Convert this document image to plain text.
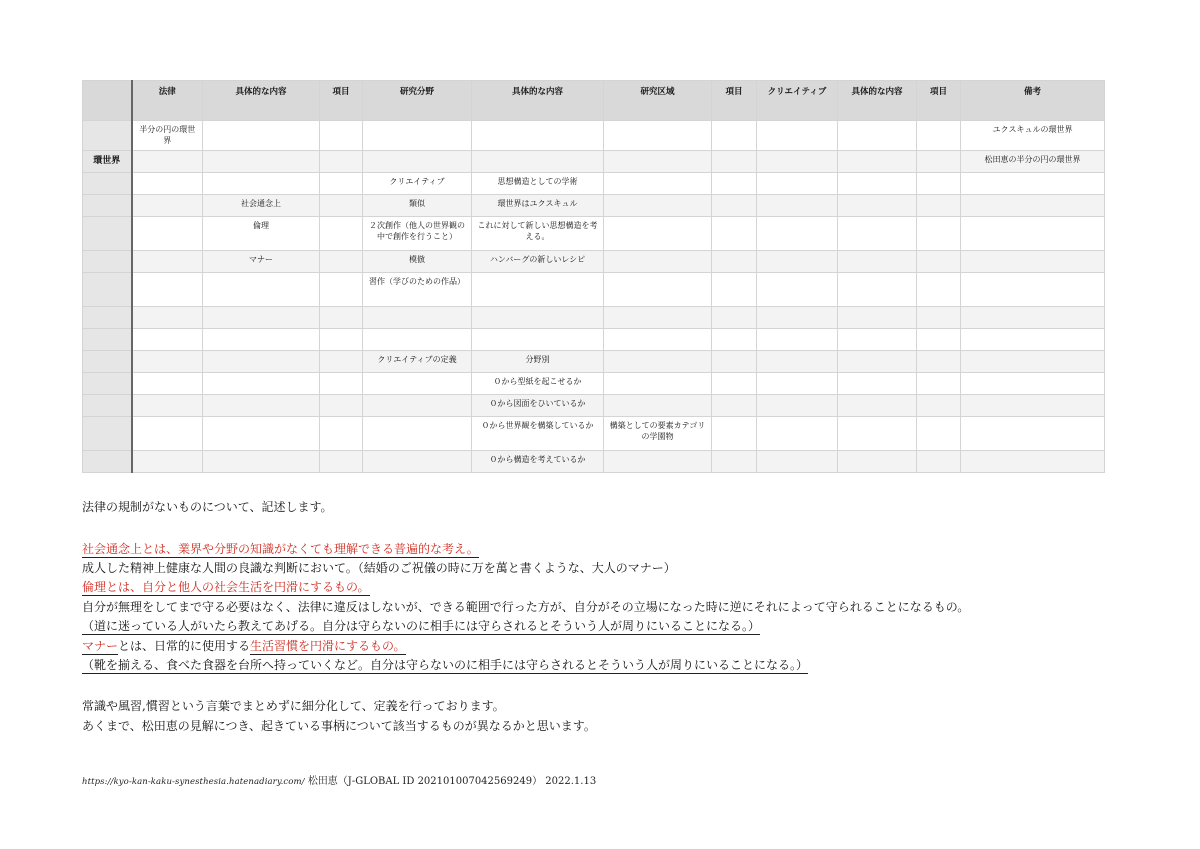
	法律	具体的な内容	項目	研究分野	具体的な内容	研究区域	項目	クリエイティブ	具体的な内容	項目	備考
	半分の円の環世界										ユクスキュルの環世界
環世界											松田恵の半分の円の環世界
				クリエイティブ	思想構造としての学術						
		社会通念上		類似	環世界はユクスキュル						
		倫理		２次創作（他人の世界観の中で創作を行うこと）	これに対して新しい思想構造を考える。						
		マナー		模倣	ハンバーグの新しいレシピ						
				習作（学びのための作品）							

				クリエイティブの定義	分野別						
					０から型紙を起こせるか						
					０から図面をひいているか						
					０から世界観を構築しているか	構築としての要素カテゴリの学園物					
					０から構造を考えているか						
法律の規制がないものについて、記述します。
社会通念上とは、業界や分野の知識がなくても理解できる普遍的な考え。
成人した精神上健康な人間の良識な判断において。（結婚のご祝儀の時に万を萬と書くような、大人のマナー）
倫理とは、自分と他人の社会生活を円滑にするもの。
自分が無理をしてまで守る必要はなく、法律に違反はしないが、できる範囲で行った方が、自分がその立場になった時に逆にそれによって守られることになるもの。
（道に迷っている人がいたら教えてあげる。自分は守らないのに相手には守らされるとそういう人が周りにいることになる。）
マナーとは、日常的に使用する生活習慣を円滑にするもの。
（靴を揃える、食べた食器を台所へ持っていくなど。自分は守らないのに相手には守らされるとそういう人が周りにいることになる。）
常識や風習,慣習という言葉でまとめずに細分化して、定義を行っております。
あくまで、松田恵の見解につき、起きている事柄について該当するものが異なるかと思います。
https://kyo-kan-kaku-synesthesia.hatenadiary.com/ 松田恵（J-GLOBAL ID 202101007042569249） 2022.1.13
